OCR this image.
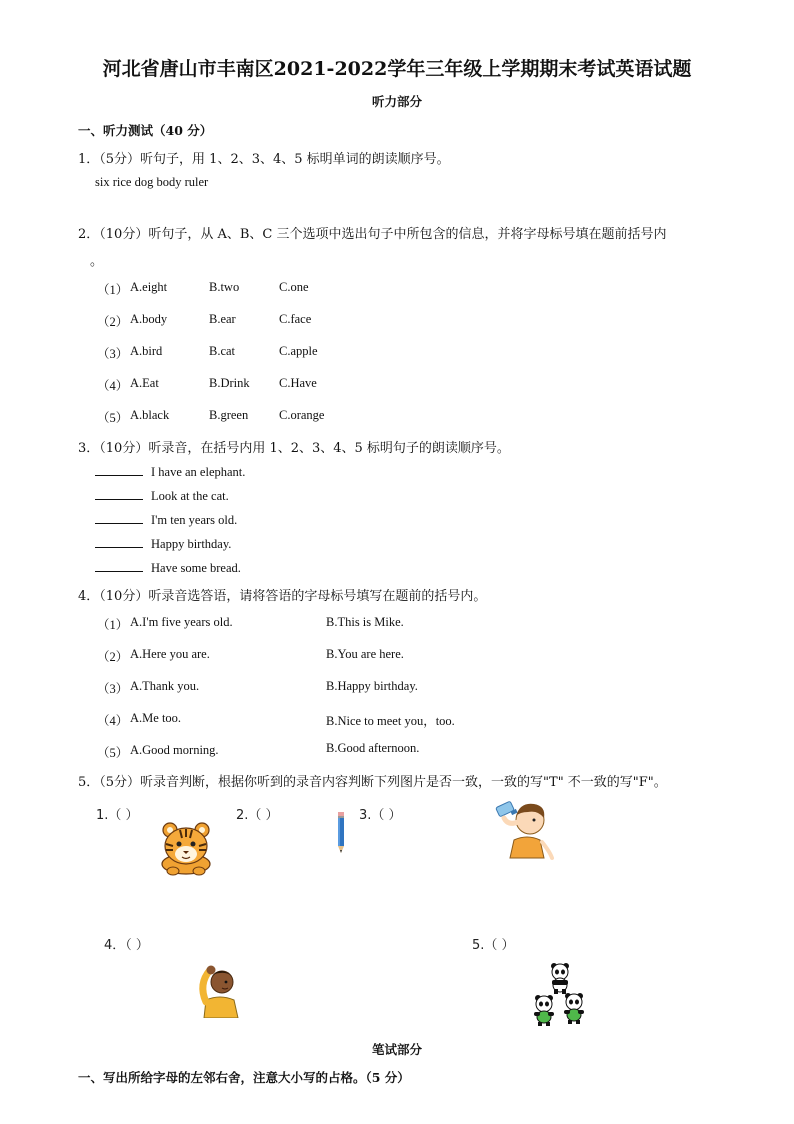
河北省唐山市丰南区2021-2022学年三年级上学期期末考试英语试题
听力部分
一、听力测试（40 分）
1．（5分）听句子，用 1、2、3、4、5 标明单词的朗读顺序号。
six rice dog body ruler
2．（10分）听句子，从 A、B、C 三个选项中选出句子中所包含的信息，并将字母标号填在题前括号内
。
（1） A.eight	B.two	C.one
（2） A.body	B.ear	C.face
（3） A.bird	B.cat	C.apple
（4） A.Eat	B.Drink C.Have
（5） A.black	B.green C.orange
3．（10分）听录音，在括号内用 1、2、3、4、5 标明句子的朗读顺序号。
I have an elephant.
Look at the cat.
I'm ten years old.
Happy birthday.
Have some bread.
4．（10分）听录音选答语，请将答语的字母标号填写在题前的括号内。
（1） A.I'm five years old.	B.This is Mike.
（2） A.Here you are.	B.You are here.
（3） A.Thank you.	B.Happy birthday.
（4） A.Me too.	B.Nice to meet you，too.
（5） A.Good morning.	B.Good afternoon.
5．（5分）听录音判断，根据你听到的录音内容判断下列图片是否一致，一致的写"T" 不一致的写"F"。
1.（ ）	2.（ ）	3.（ ）
4．（ ）	5.（ ）
笔试部分
一、写出所给字母的左邻右舍，注意大小写的占格。（5 分）
